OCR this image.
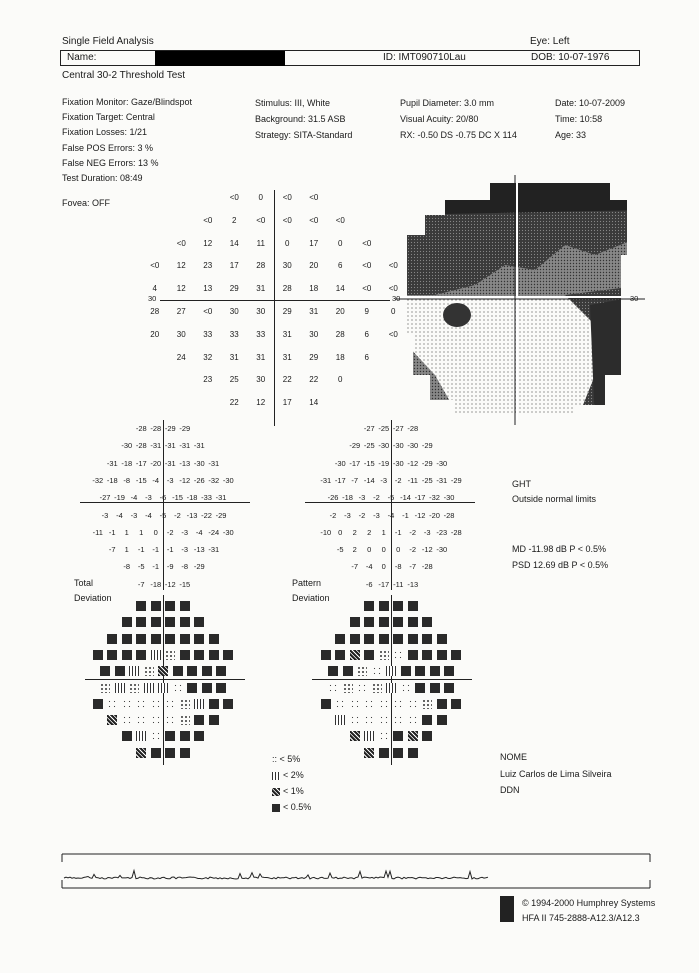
Single Field Analysis	Eye: Left
Name:	ID: IMT090710Lau	DOB: 10-07-1976
Central 30-2 Threshold Test
Fixation Monitor: Gaze/Blindspot
Fixation Target: Central
Fixation Losses: 1/21
False POS Errors: 3 %
False NEG Errors: 13 %
Test Duration: 08:49
Fovea: OFF
Stimulus: III, White
Background: 31.5 ASB
Strategy: SITA-Standard
Pupil Diameter: 3.0 mm
Visual Acuity: 20/80
RX: -0.50 DS -0.75 DC X 114
Date: 10-07-2009
Time: 10:58
Age: 33
30	30
<0	0	<0	<0
<0	2	<0	<0	<0	<0
<0	12	14	11	0	17	0	<0
<0	12	23	17	28	30	20	6	<0	<0
4	12	13	29	31	28	18	14	<0	<0
28	27	<0	30	30	29	31	20	9	0
20	30	33	33	33	31	30	28	6	<0
24	32	31	31	31	29	18	6
23	25	30	22	22	0
22	12	17	14
30
-28 -28 -29 -29
-30 -28 -31 -31 -31 -31
-31 -18 -17 -20 -31 -13 -30 -31
-32 -18 -8 -15 -4	-3 -12 -26 -32 -30
-27 -19 -4	-3	-6 -15 -18 -33 -31
-3	-4	-3	-4	-5	-2 -13 -22 -29
-11 -1	1	1	0	-2	-3	-4 -24 -30
-7	1	-1	-1	-1	-3 -13 -31
-8	-5	-1	-9	-8 -29
-7 -18 -12 -15
-27 -25 -27 -28
-29 -25 -30 -30 -30 -29
-30 -17 -15 -19 -30 -12 -29 -30
-31 -17 -7 -14 -3	-2 -11 -25 -31 -29
-26 -18 -3	-2	-5 -14 -17 -32 -30
-2	-3	-2	-3	-4	-1 -12 -20 -28
-10 0	2	2	1	-1	-2	-3 -23 -28
-5	2	0	0	0	-2 -12 -30
-7	-4	0	-8	-7 -28
-6 -17 -11 -13
Total
Deviation
Pattern
Deviation
GHT
Outside normal limits
MD -11.98 dB P < 0.5%
PSD 12.69 dB P < 0.5%
:: < 5%
< 2%
< 1%
< 0.5%
NOME
Luiz Carlos de Lima Silveira
DDN
© 1994-2000 Humphrey Systems
HFA II 745-2888-A12.3/A12.3
